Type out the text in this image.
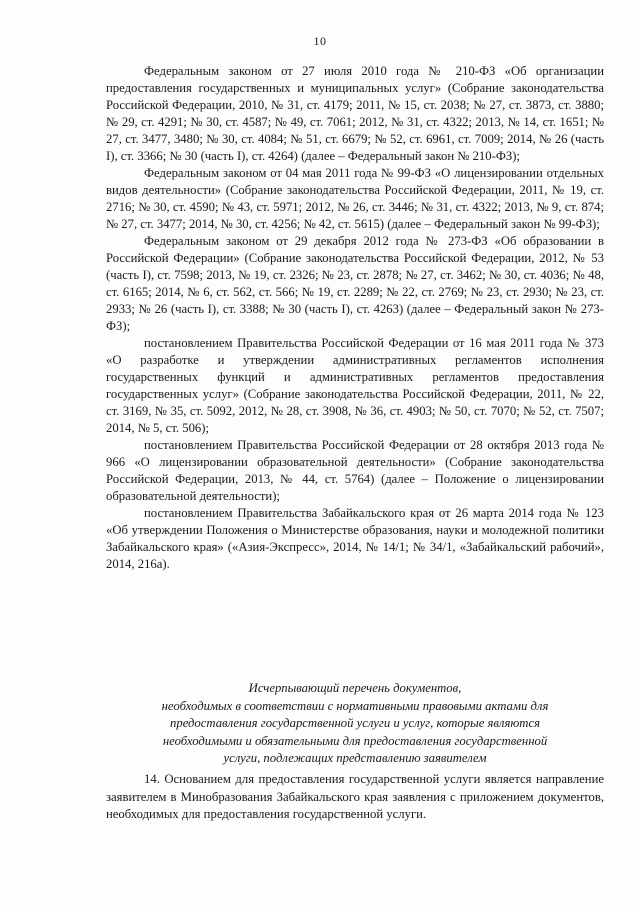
10

Федеральным законом от 27 июля 2010 года № 210-ФЗ «Об организации предоставления государственных и муниципальных услуг» (Собрание законодательства Российской Федерации, 2010, № 31, ст. 4179; 2011, № 15, ст. 2038; № 27, ст. 3873, ст. 3880; № 29, ст. 4291; № 30, ст. 4587; № 49, ст. 7061; 2012, № 31, ст. 4322; 2013, № 14, ст. 1651; № 27, ст. 3477, 3480; № 30, ст. 4084; № 51, ст. 6679; № 52, ст. 6961, ст. 7009; 2014, № 26 (часть I), ст. 3366; № 30 (часть I), ст. 4264) (далее – Федеральный закон № 210-ФЗ);

Федеральным законом от 04 мая 2011 года № 99-ФЗ «О лицензировании отдельных видов деятельности» (Собрание законодательства Российской Федерации, 2011, № 19, ст. 2716; № 30, ст. 4590; № 43, ст. 5971; 2012, № 26, ст. 3446; № 31, ст. 4322; 2013, № 9, ст. 874; № 27, ст. 3477; 2014, № 30, ст. 4256; № 42, ст. 5615) (далее – Федеральный закон № 99-ФЗ);

Федеральным законом от 29 декабря 2012 года № 273-ФЗ «Об образовании в Российской Федерации» (Собрание законодательства Российской Федерации, 2012, № 53 (часть I), ст. 7598; 2013, № 19, ст. 2326; № 23, ст. 2878; № 27, ст. 3462; № 30, ст. 4036; № 48, ст. 6165; 2014, № 6, ст. 562, ст. 566; № 19, ст. 2289; № 22, ст. 2769; № 23, ст. 2930; № 23, ст. 2933; № 26 (часть I), ст. 3388; № 30 (часть I), ст. 4263) (далее – Федеральный закон № 273-ФЗ);

постановлением Правительства Российской Федерации от 16 мая 2011 года № 373 «О разработке и утверждении административных регламентов исполнения государственных функций и административных регламентов предоставления государственных услуг» (Собрание законодательства Российской Федерации, 2011, № 22, ст. 3169, № 35, ст. 5092, 2012, № 28, ст. 3908, № 36, ст. 4903; № 50, ст. 7070; № 52, ст. 7507; 2014, № 5, ст. 506);

постановлением Правительства Российской Федерации от 28 октября 2013 года № 966 «О лицензировании образовательной деятельности» (Собрание законодательства Российской Федерации, 2013, № 44, ст. 5764) (далее – Положение о лицензировании образовательной деятельности);

постановлением Правительства Забайкальского края от 26 марта 2014 года № 123 «Об утверждении Положения о Министерстве образования, науки и молодежной политики Забайкальского края» («Азия-Экспресс», 2014, № 14/1; № 34/1, «Забайкальский рабочий», 2014, 216а).

Исчерпывающий перечень документов,

необходимых в соответствии с нормативными правовыми актами для

предоставления государственной услуги и услуг, которые являются

необходимыми и обязательными для предоставления государственной

услуги, подлежащих представлению заявителем

14. Основанием для предоставления государственной услуги является направление заявителем в Минобразования Забайкальского края заявления с приложением документов, необходимых для предоставления государственной услуги.
